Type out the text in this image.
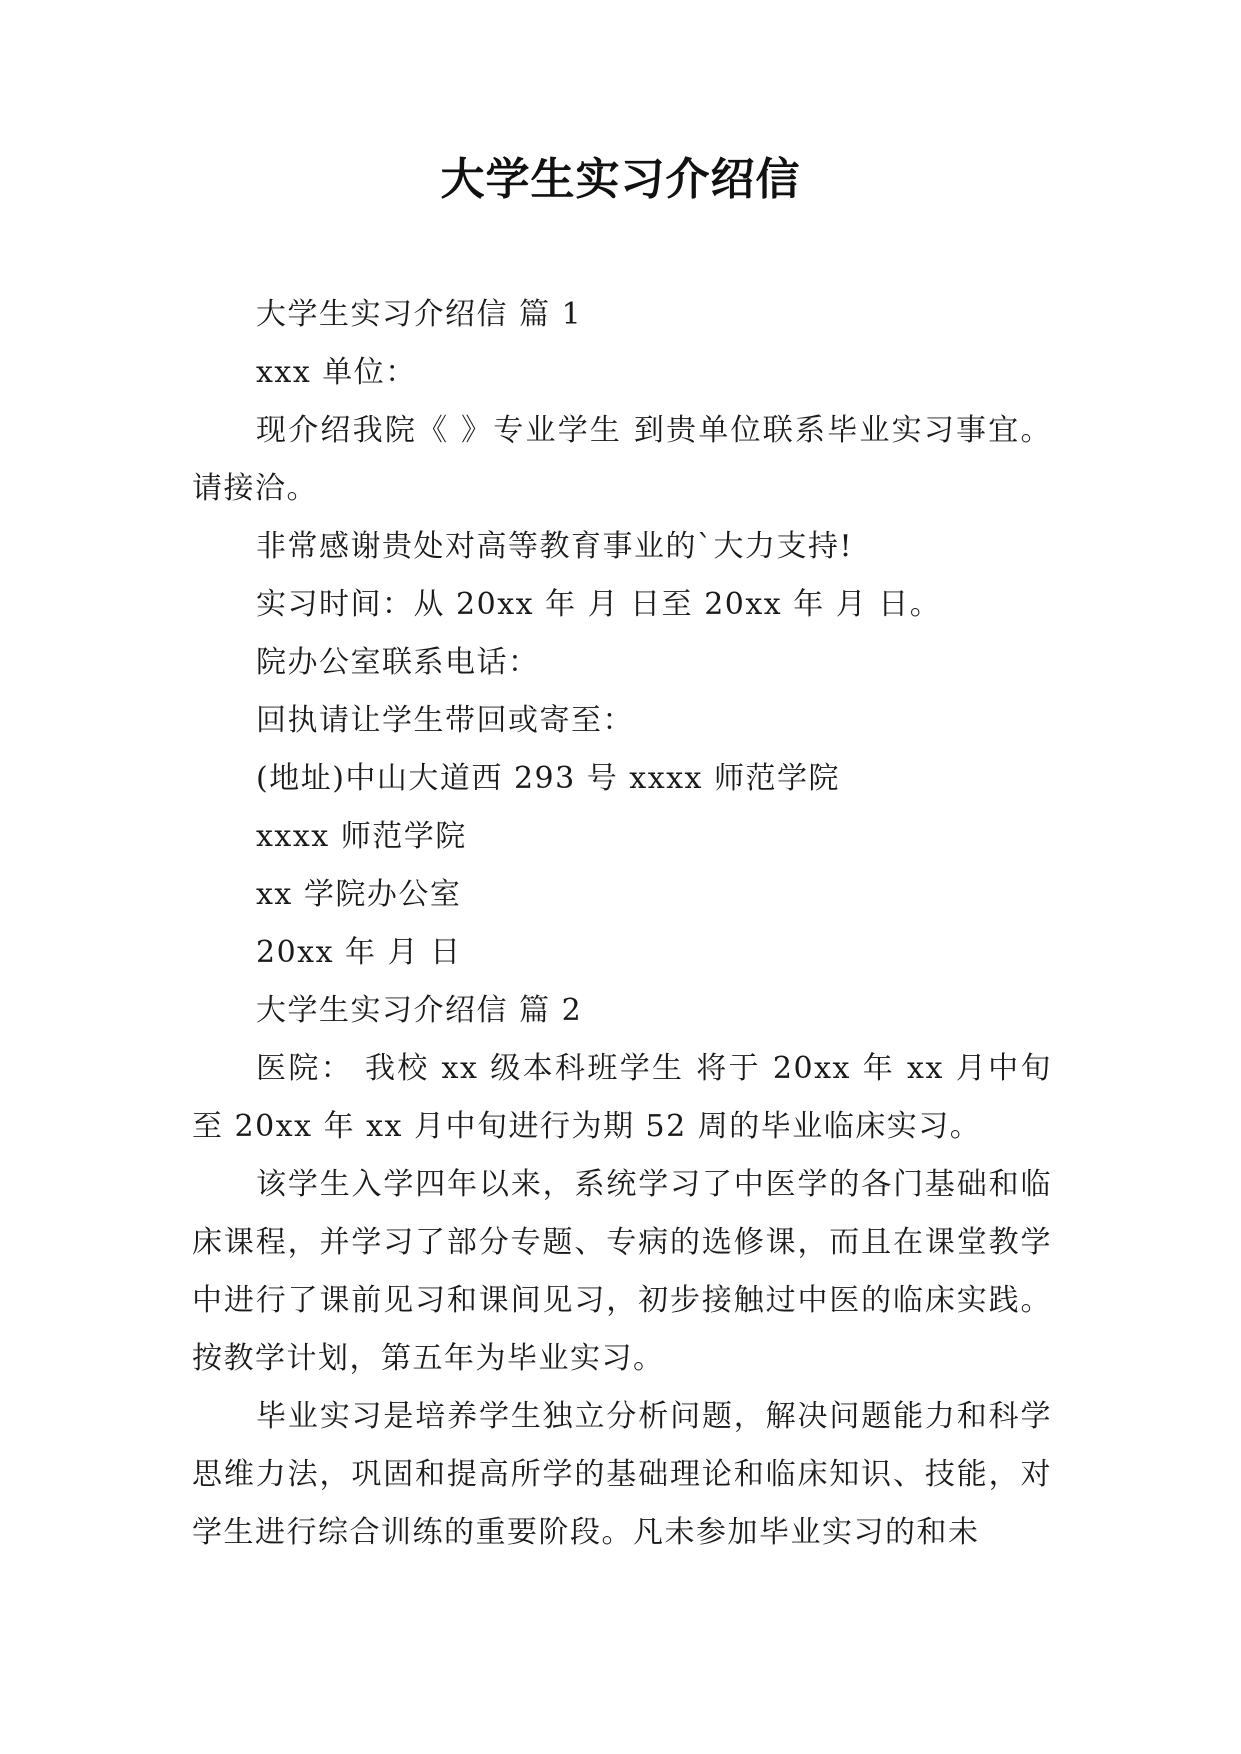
大学生实习介绍信

大学生实习介绍信 篇 1

xxx 单位：

现介绍我院《 》专业学生 到贵单位联系毕业实习事宜。请接洽。

非常感谢贵处对高等教育事业的`大力支持!

实习时间：从 20xx 年 月 日至 20xx 年 月 日。

院办公室联系电话：

回执请让学生带回或寄至：

(地址)中山大道西 293 号 xxxx 师范学院

xxxx 师范学院

xx 学院办公室

20xx 年 月 日

大学生实习介绍信 篇 2

医院： 我校 xx 级本科班学生 将于 20xx 年 xx 月中旬至 20xx 年 xx 月中旬进行为期 52 周的毕业临床实习。

该学生入学四年以来，系统学习了中医学的各门基础和临床课程，并学习了部分专题、专病的选修课，而且在课堂教学中进行了课前见习和课间见习，初步接触过中医的临床实践。按教学计划，第五年为毕业实习。

毕业实习是培养学生独立分析问题，解决问题能力和科学思维力法，巩固和提高所学的基础理论和临床知识、技能，对学生进行综合训练的重要阶段。凡未参加毕业实习的和未
